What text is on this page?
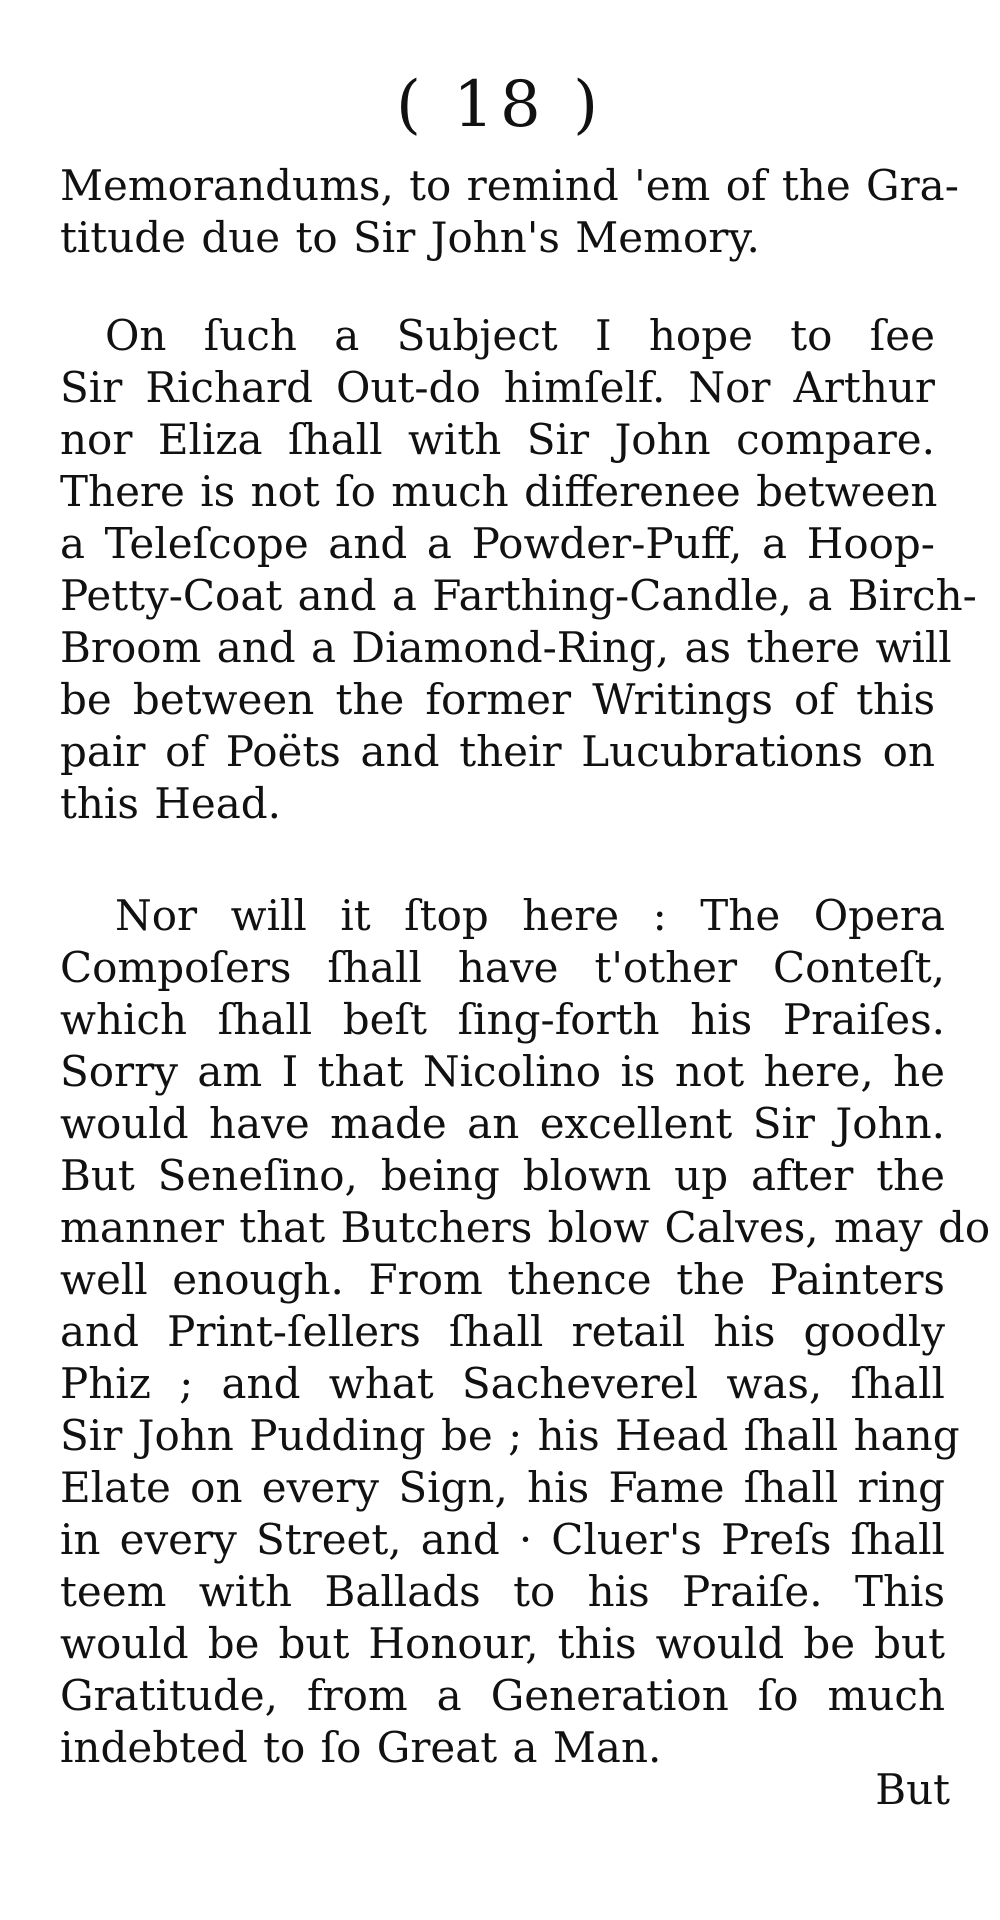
( 18 )
Memorandums, to remind 'em of the Gra-
titude due to Sir John's Memory.
On ſuch a Subject I hope to ſee
Sir Richard Out-do himſelf. Nor Arthur
nor Eliza ſhall with Sir John compare.
There is not ſo much differenee between
a Teleſcope and a Powder-Puff, a Hoop-
Petty-Coat and a Farthing-Candle, a Birch-
Broom and a Diamond-Ring, as there will
be between the former Writings of this
pair of Poëts and their Lucubrations on
this Head.
Nor will it ſtop here : The Opera
Compoſers ſhall have t'other Conteſt,
which ſhall beſt ſing-forth his Praiſes.
Sorry am I that Nicolino is not here, he
would have made an excellent Sir John.
But Seneſino, being blown up after the
manner that Butchers blow Calves, may do
well enough. From thence the Painters
and Print-ſellers ſhall retail his goodly
Phiz ; and what Sacheverel was, ſhall
Sir John Pudding be ; his Head ſhall hang
Elate on every Sign, his Fame ſhall ring
in every Street, and · Cluer's Preſs ſhall
teem with Ballads to his Praiſe. This
would be but Honour, this would be but
Gratitude, from a Generation ſo much
indebted to ſo Great a Man.
But
